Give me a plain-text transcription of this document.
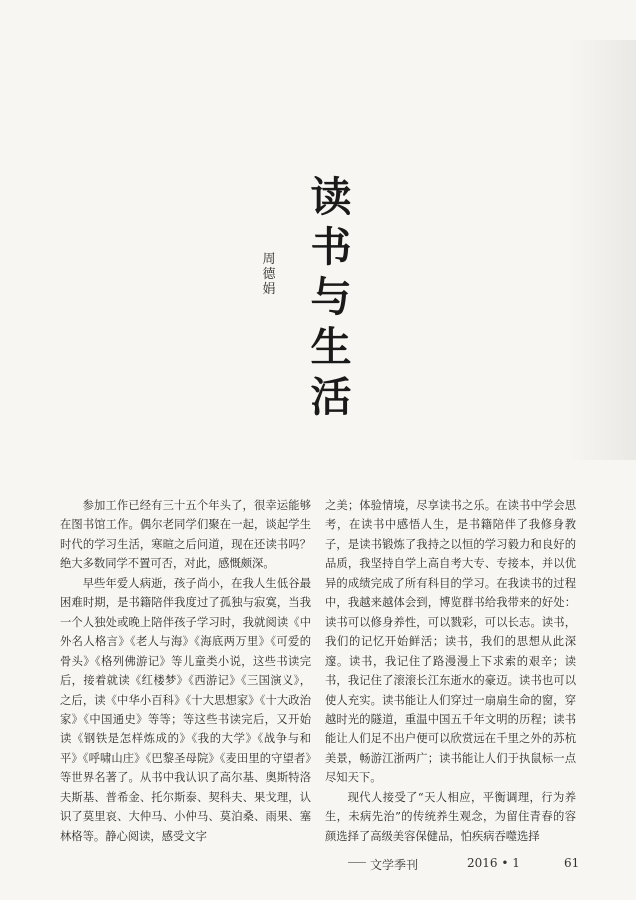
读
书
与
生
活
周
德
娟

参加工作已经有三十五个年头了，很幸运能够在图书馆工作。偶尔老同学们聚在一起，谈起学生时代的学习生活，寒暄之后问道，现在还读书吗？绝大多数同学不置可否，对此，感慨颇深。

早些年爱人病逝，孩子尚小，在我人生低谷最困难时期，是书籍陪伴我度过了孤独与寂寞，当我一个人独处或晚上陪伴孩子学习时，我就阅读《中外名人格言》《老人与海》《海底两万里》《可爱的骨头》《格列佛游记》等儿童类小说，这些书读完后，接着就读《红楼梦》《西游记》《三国演义》，之后，读《中华小百科》《十大思想家》《十大政治家》《中国通史》等等；等这些书读完后，又开始读《钢铁是怎样炼成的》《我的大学》《战争与和平》《呼啸山庄》《巴黎圣母院》《麦田里的守望者》等世界名著了。从书中我认识了高尔基、奥斯特洛夫斯基、普希金、托尔斯泰、契科夫、果戈理，认识了莫里哀、大仲马、小仲马、莫泊桑、雨果、塞林格等。静心阅读，感受文字

之美；体验情境，尽享读书之乐。在读书中学会思考，在读书中感悟人生，是书籍陪伴了我修身教子，是读书锻炼了我持之以恒的学习毅力和良好的品质，我坚持自学上高自考大专、专接本，并以优异的成绩完成了所有科目的学习。在我读书的过程中，我越来越体会到，博览群书给我带来的好处：读书可以修身养性，可以戮彩，可以长志。读书，我们的记忆开始鲜活；读书，我们的思想从此深邃。读书，我记住了路漫漫上下求索的艰辛；读书，我记住了滚滚长江东逝水的豪迈。读书也可以使人充实。读书能让人们穿过一扇扇生命的窗，穿越时光的隧道，重温中国五千年文明的历程；读书能让人们足不出户便可以欣赏远在千里之外的苏杭美景，畅游江浙两广；读书能让人们于执鼠标一点尽知天下。

现代人接受了“天人相应，平衡调理，行为养生，未病先治”的传统养生观念，为留住青春的容颜选择了高级美容保健品，怕疾病吞噬选择

文学季刊	2016 • 1	61
